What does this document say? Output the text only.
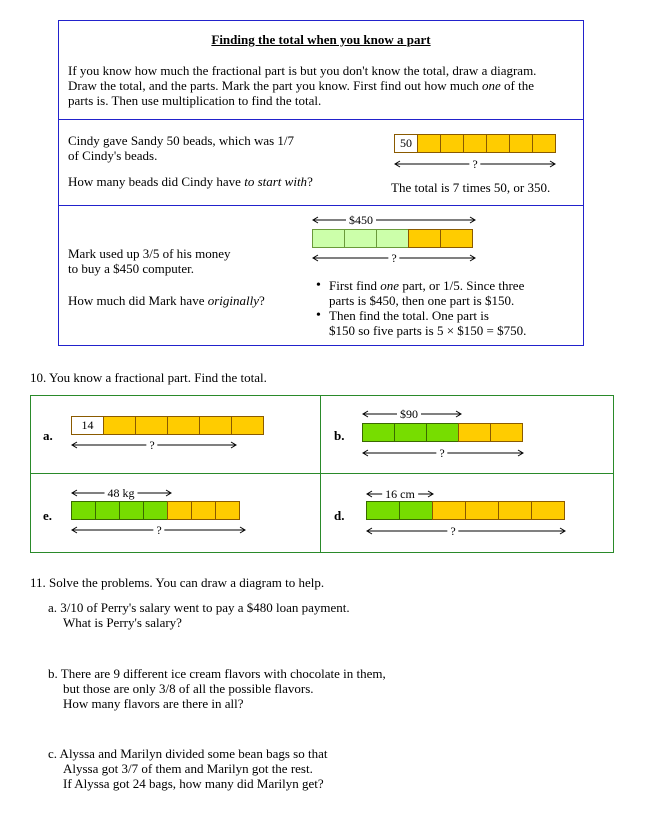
Finding the total when you know a part
If you know how much the fractional part is but you don't know the total, draw a diagram.
Draw the total, and the parts. Mark the part you know. First find out how much one of the
parts is. Then use multiplication to find the total.
Cindy gave Sandy 50 beads, which was 1/7
of Cindy's beads.
How many beads did Cindy have to start with?
50
?
The total is 7 times 50, or 350.
$450
?
Mark used up 3/5 of his money
to buy a $450 computer.
How much did Mark have originally?
• First find one part, or 1/5. Since three
parts is $450, then one part is $150.
• Then find the total. One part is
$150 so five parts is 5 × $150 = $750.
10. You know a fractional part. Find the total.
a.
14
?
b.
$90
?
e.
48 kg
?
d.
16 cm
?
11. Solve the problems. You can draw a diagram to help.
a. 3/10 of Perry's salary went to pay a $480 loan payment.
What is Perry's salary?
b. There are 9 different ice cream flavors with chocolate in them,
but those are only 3/8 of all the possible flavors.
How many flavors are there in all?
c. Alyssa and Marilyn divided some bean bags so that
Alyssa got 3/7 of them and Marilyn got the rest.
If Alyssa got 24 bags, how many did Marilyn get?
